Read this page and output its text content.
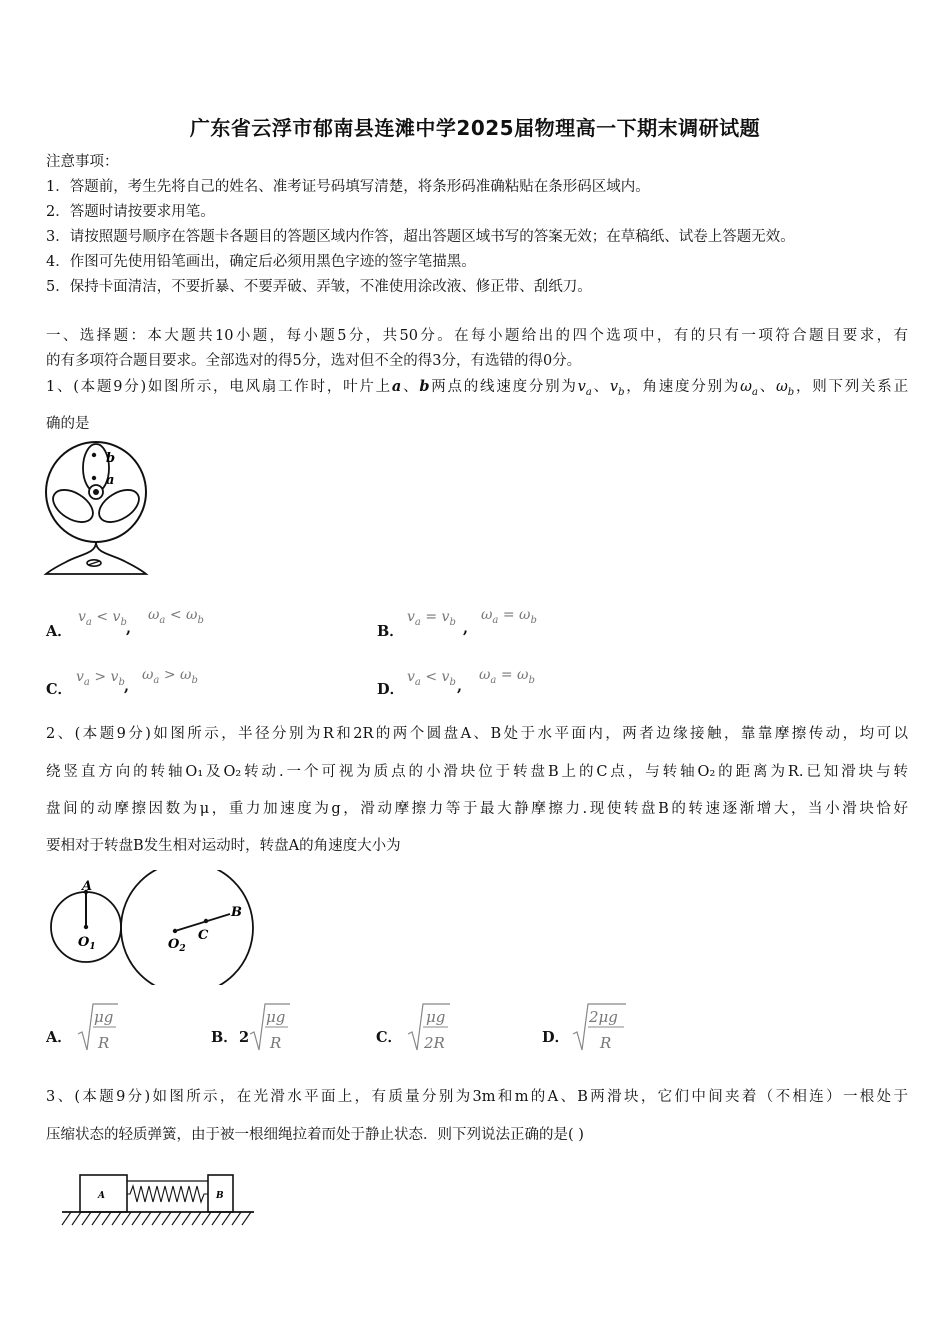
广东省云浮市郁南县连滩中学2025届物理高一下期末调研试题
注意事项：
1．答题前，考生先将自己的姓名、准考证号码填写清楚，将条形码准确粘贴在条形码区域内。
2．答题时请按要求用笔。
3．请按照题号顺序在答题卡各题目的答题区域内作答，超出答题区域书写的答案无效；在草稿纸、试卷上答题无效。
4．作图可先使用铅笔画出，确定后必须用黑色字迹的签字笔描黑。
5．保持卡面清洁，不要折暴、不要弄破、弄皱，不准使用涂改液、修正带、刮纸刀。
一、选择题：本大题共10小题，每小题5分，共50分。在每小题给出的四个选项中，有的只有一项符合题目要求，有
的有多项符合题目要求。全部选对的得5分，选对但不全的得3分，有选错的得0分。
1、(本题9分)如图所示，电风扇工作时，叶片上a、b两点的线速度分别为$v_a$、$v_b$，角速度分别为$\omega_a$、$\omega_b$，则下列关系正
确的是
b
a
A．
$v_a < v_b$ ,
$\omega_a < \omega_b$
B．
$v_a = v_b$ ,
$\omega_a = \omega_b$
C．
$v_a > v_b$ ,
$\omega_a > \omega_b$
D．
$v_a < v_b$ ,
$\omega_a = \omega_b$
2、(本题9分)如图所示，半径分别为R和2R的两个圆盘A、B处于水平面内，两者边缘接触，靠靠摩擦传动，均可以
绕竖直方向的转轴O₁及O₂转动.一个可视为质点的小滑块位于转盘B上的C点，与转轴O₂的距离为R.已知滑块与转
盘间的动摩擦因数为μ，重力加速度为g，滑动摩擦力等于最大静摩擦力.现使转盘B的转速逐渐增大，当小滑块恰好
要相对于转盘B发生相对运动时，转盘A的角速度大小为
A
$O_1$
B
C
$O_2$
A．
μg
R	B． 2
μg
R	C．
μg
2R	D．
2μg
R
3、(本题9分)如图所示，在光滑水平面上，有质量分别为3m和m的A、B两滑块，它们中间夹着（不相连）一根处于
压缩状态的轻质弹簧，由于被一根细绳拉着而处于静止状态．则下列说法正确的是( )
A	B
